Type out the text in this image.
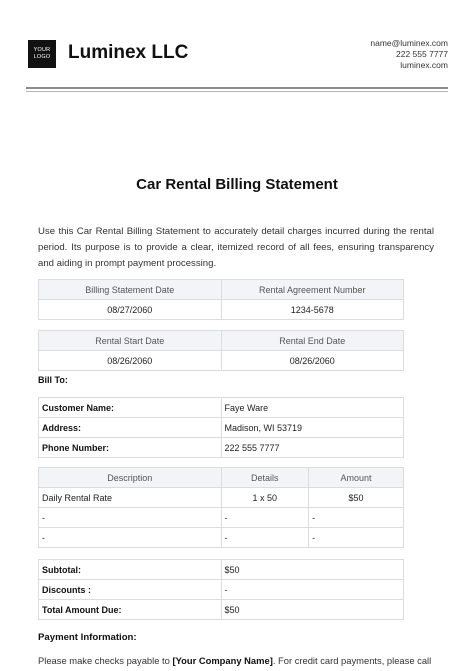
YOUR
LOGO Luminex LLC	name@luminex.com
222 555 7777
luminex.com
Car Rental Billing Statement
Use this Car Rental Billing Statement to accurately detail charges incurred during the rental period. Its purpose is to provide a clear, itemized record of all fees, ensuring transparency and aiding in prompt payment processing.
Billing Statement Date	Rental Agreement Number
08/27/2060	1234-5678
Rental Start Date	Rental End Date
08/26/2060	08/26/2060
Bill To:
Customer Name:	Faye Ware
Address:	Madison, WI 53719
Phone Number:	222 555 7777
Description	Details	Amount
Daily Rental Rate	1 x 50	$50
-	-	-
-	-	-
Subtotal:	$50
Discounts :	-
Total Amount Due:	$50
Payment Information:
Please make checks payable to [Your Company Name]. For credit card payments, please call
